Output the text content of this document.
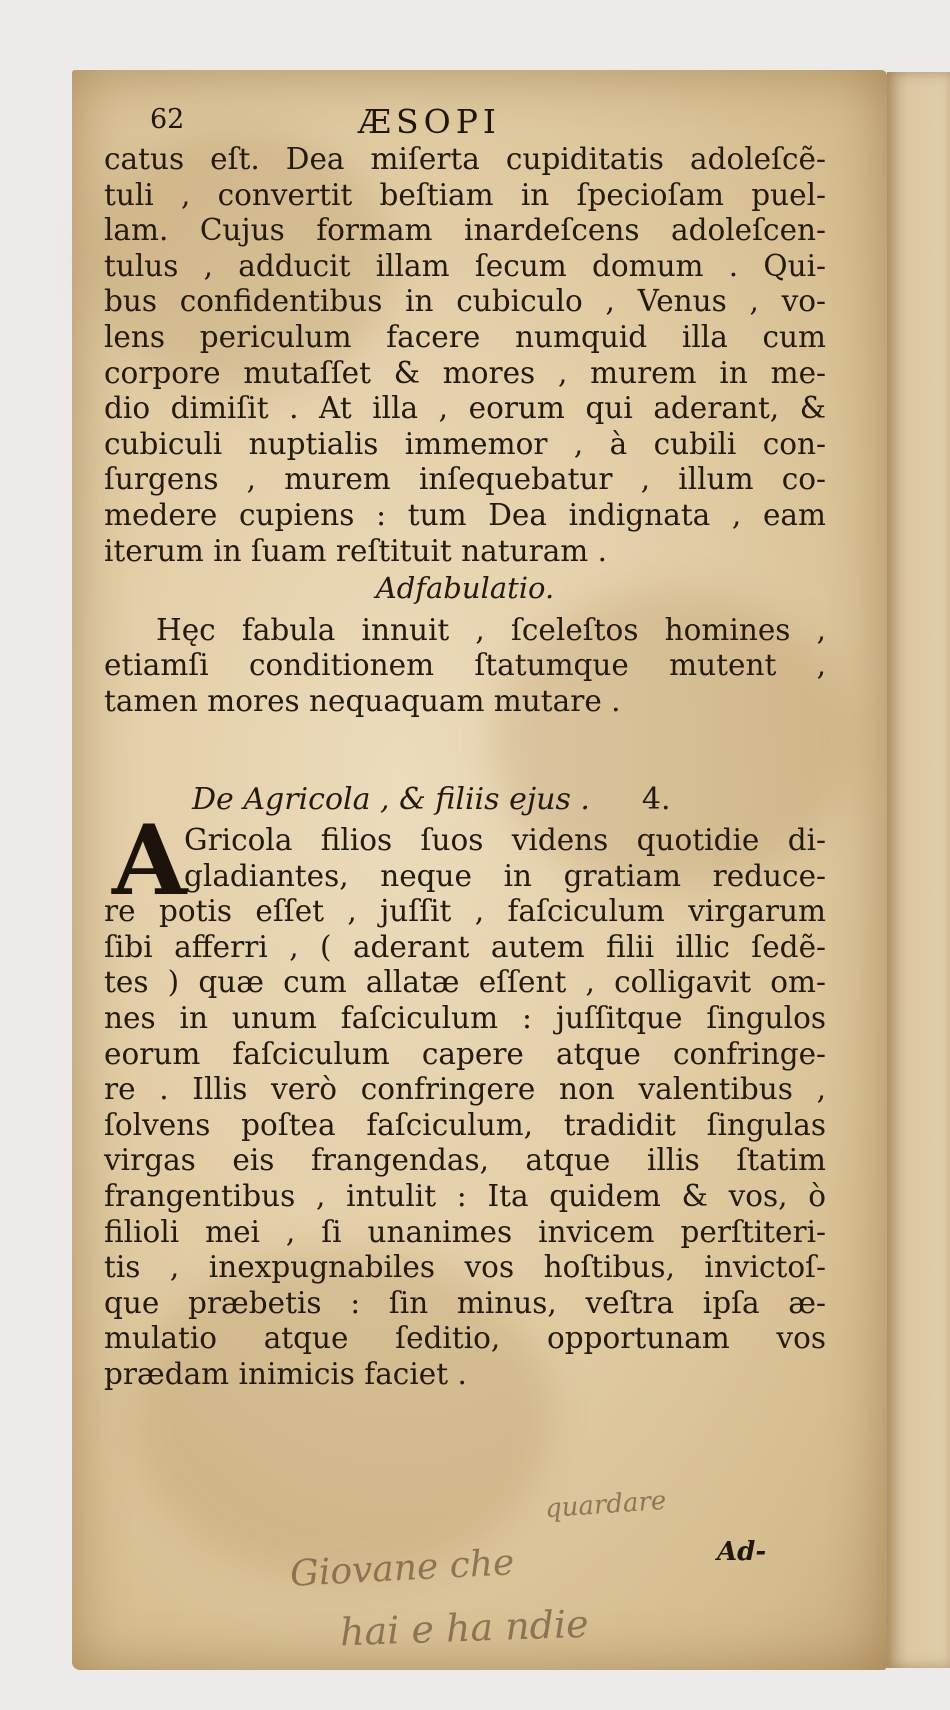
62	ÆSOPI
catus eſt. Dea miſerta cupiditatis adoleſcẽ-
tuli , convertit beſtiam in ſpecioſam puel-
lam. Cujus formam inardeſcens adoleſcen-
tulus , adducit illam ſecum domum . Qui-
bus confidentibus in cubiculo , Venus , vo-
lens periculum facere numquid illa cum
corpore mutaſſet & mores , murem in me-
dio dimiſit . At illa , eorum qui aderant, &
cubiculi nuptialis immemor , à cubili con-
ſurgens , murem inſequebatur , illum co-
medere cupiens : tum Dea indignata , eam
iterum in ſuam reſtituit naturam .
Adfabulatio.
Hęc fabula innuit , ſceleſtos homines ,
etiamſi conditionem ſtatumque mutent ,
tamen mores nequaquam mutare .
De Agricola , & filiis ejus . 4.
A
Gricola filios ſuos videns quotidie di-
gladiantes, neque in gratiam reduce-
re potis eſſet , juſſit , faſciculum virgarum
ſibi afferri , ( aderant autem filii illic ſedẽ-
tes ) quæ cum allatæ eſſent , colligavit om-
nes in unum faſciculum : juſſitque ſingulos
eorum faſciculum capere atque confringe-
re . Illis verò confringere non valentibus ,
ſolvens poſtea faſciculum, tradidit ſingulas
virgas eis frangendas, atque illis ſtatim
frangentibus , intulit : Ita quidem & vos, ò
filioli mei , ſi unanimes invicem perſtiteri-
tis , inexpugnabiles vos hoſtibus, invictoſ-
que præbetis : ſin minus, veſtra ipſa æ-
mulatio atque ſeditio, opportunam vos
prædam inimicis faciet .
Ad-
quardare
Giovane che
hai e ha ndie
